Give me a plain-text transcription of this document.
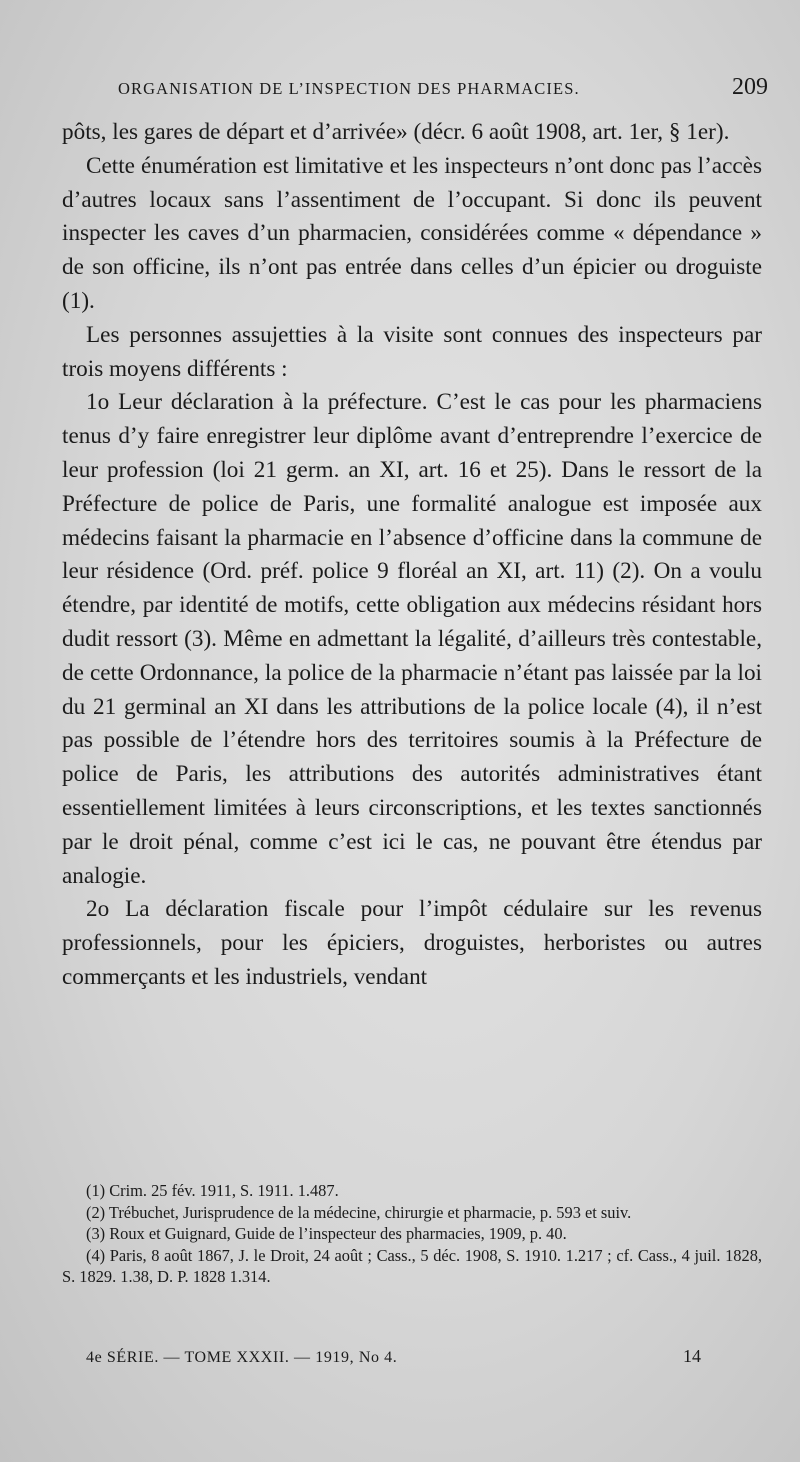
ORGANISATION DE L’INSPECTION DES PHARMACIES.	209

pôts, les gares de départ et d’arrivée» (décr. 6 août 1908, art. 1er, § 1er).

Cette énumération est limitative et les inspecteurs n’ont donc pas l’accès d’autres locaux sans l’assentiment de l’occupant. Si donc ils peuvent inspecter les caves d’un pharmacien, considérées comme « dépendance » de son officine, ils n’ont pas entrée dans celles d’un épicier ou droguiste (1).

Les personnes assujetties à la visite sont connues des inspecteurs par trois moyens différents :

1o Leur déclaration à la préfecture. C’est le cas pour les pharmaciens tenus d’y faire enregistrer leur diplôme avant d’entreprendre l’exercice de leur profession (loi 21 germ. an XI, art. 16 et 25). Dans le ressort de la Préfecture de police de Paris, une formalité analogue est imposée aux médecins faisant la pharmacie en l’absence d’officine dans la commune de leur résidence (Ord. préf. police 9 floréal an XI, art. 11) (2). On a voulu étendre, par identité de motifs, cette obligation aux médecins résidant hors dudit ressort (3). Même en admettant la légalité, d’ailleurs très contestable, de cette Ordonnance, la police de la pharmacie n’étant pas laissée par la loi du 21 germinal an XI dans les attributions de la police locale (4), il n’est pas possible de l’étendre hors des territoires soumis à la Préfecture de police de Paris, les attributions des autorités administratives étant essentiellement limitées à leurs circonscriptions, et les textes sanctionnés par le droit pénal, comme c’est ici le cas, ne pouvant être étendus par analogie.

2o La déclaration fiscale pour l’impôt cédulaire sur les revenus professionnels, pour les épiciers, droguistes, herboristes ou autres commerçants et les industriels, vendant

(1) Crim. 25 fév. 1911, S. 1911. 1.487.

(2) Trébuchet, Jurisprudence de la médecine, chirurgie et pharmacie, p. 593 et suiv.

(3) Roux et Guignard, Guide de l’inspecteur des pharmacies, 1909, p. 40.

(4) Paris, 8 août 1867, J. le Droit, 24 août ; Cass., 5 déc. 1908, S. 1910. 1.217 ; cf. Cass., 4 juil. 1828, S. 1829. 1.38, D. P. 1828 1.314.

4e SÉRIE. — TOME XXXII. — 1919, No 4.	14
